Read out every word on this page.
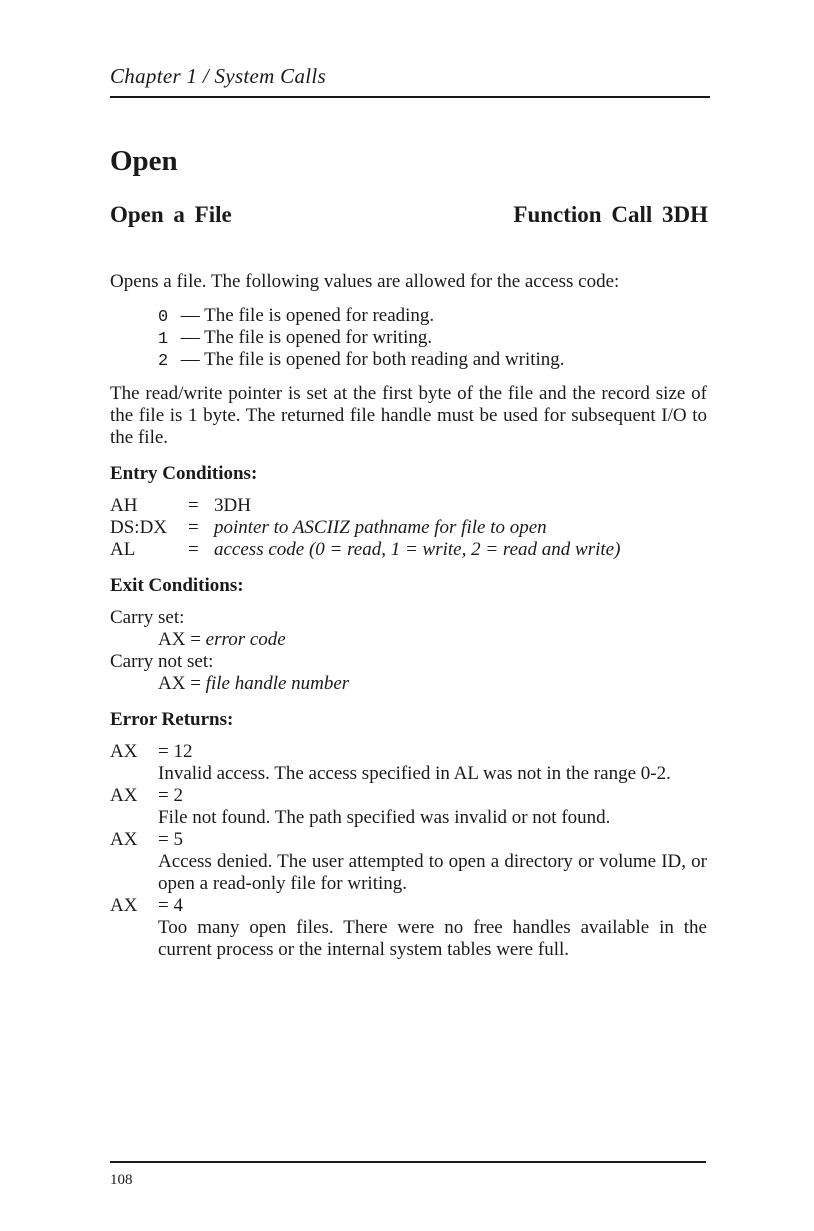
Chapter 1 / System Calls
Open
Open a File	Function Call 3DH
Opens a file. The following values are allowed for the access code:
0 — The file is opened for reading.
1 — The file is opened for writing.
2 — The file is opened for both reading and writing.
The read/write pointer is set at the first byte of the file and the record size of the file is 1 byte. The returned file handle must be used for subsequent I/O to the file.
Entry Conditions:
AH	= 3DH
DS:DX	= pointer to ASCIIZ pathname for file to open
AL	= access code (0 = read, 1 = write, 2 = read and write)
Exit Conditions:
Carry set:
AX = error code
Carry not set:
AX = file handle number
Error Returns:
AX = 12
Invalid access. The access specified in AL was not in the range 0-2.
AX = 2
File not found. The path specified was invalid or not found.
AX = 5
Access denied. The user attempted to open a directory or volume ID, or open a read-only file for writing.
AX = 4
Too many open files. There were no free handles available in the current process or the internal system tables were full.
108
